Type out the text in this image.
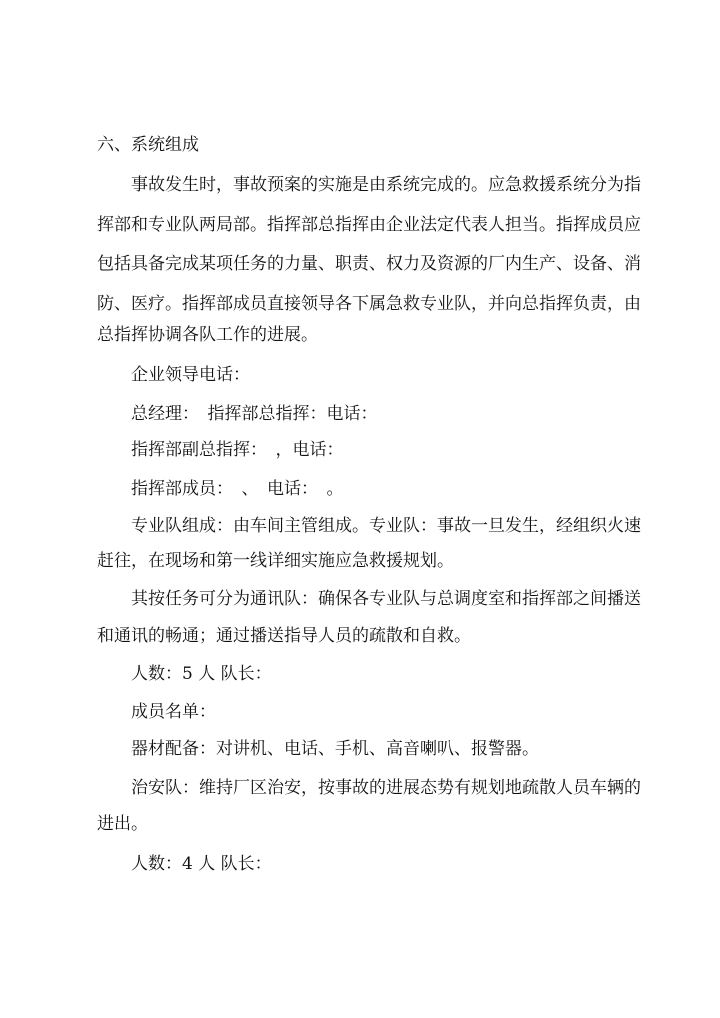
六、系统组成
事故发生时，事故预案的实施是由系统完成的。应急救援系统分为指
挥部和专业队两局部。指挥部总指挥由企业法定代表人担当。指挥成员应
包括具备完成某项任务的力量、职责、权力及资源的厂内生产、设备、消
防、医疗。指挥部成员直接领导各下属急救专业队，并向总指挥负责，由
总指挥协调各队工作的进展。
企业领导电话：
总经理：　指挥部总指挥：电话：
指挥部副总指挥：　，电话：
指挥部成员：　、　电话：　。
专业队组成：由车间主管组成。专业队：事故一旦发生，经组织火速
赶往，在现场和第一线详细实施应急救援规划。
其按任务可分为通讯队：确保各专业队与总调度室和指挥部之间播送
和通讯的畅通；通过播送指导人员的疏散和自救。
人数：5 人 队长：
成员名单：
器材配备：对讲机、电话、手机、高音喇叭、报警器。
治安队：维持厂区治安，按事故的进展态势有规划地疏散人员车辆的
进出。
人数：4 人 队长：
